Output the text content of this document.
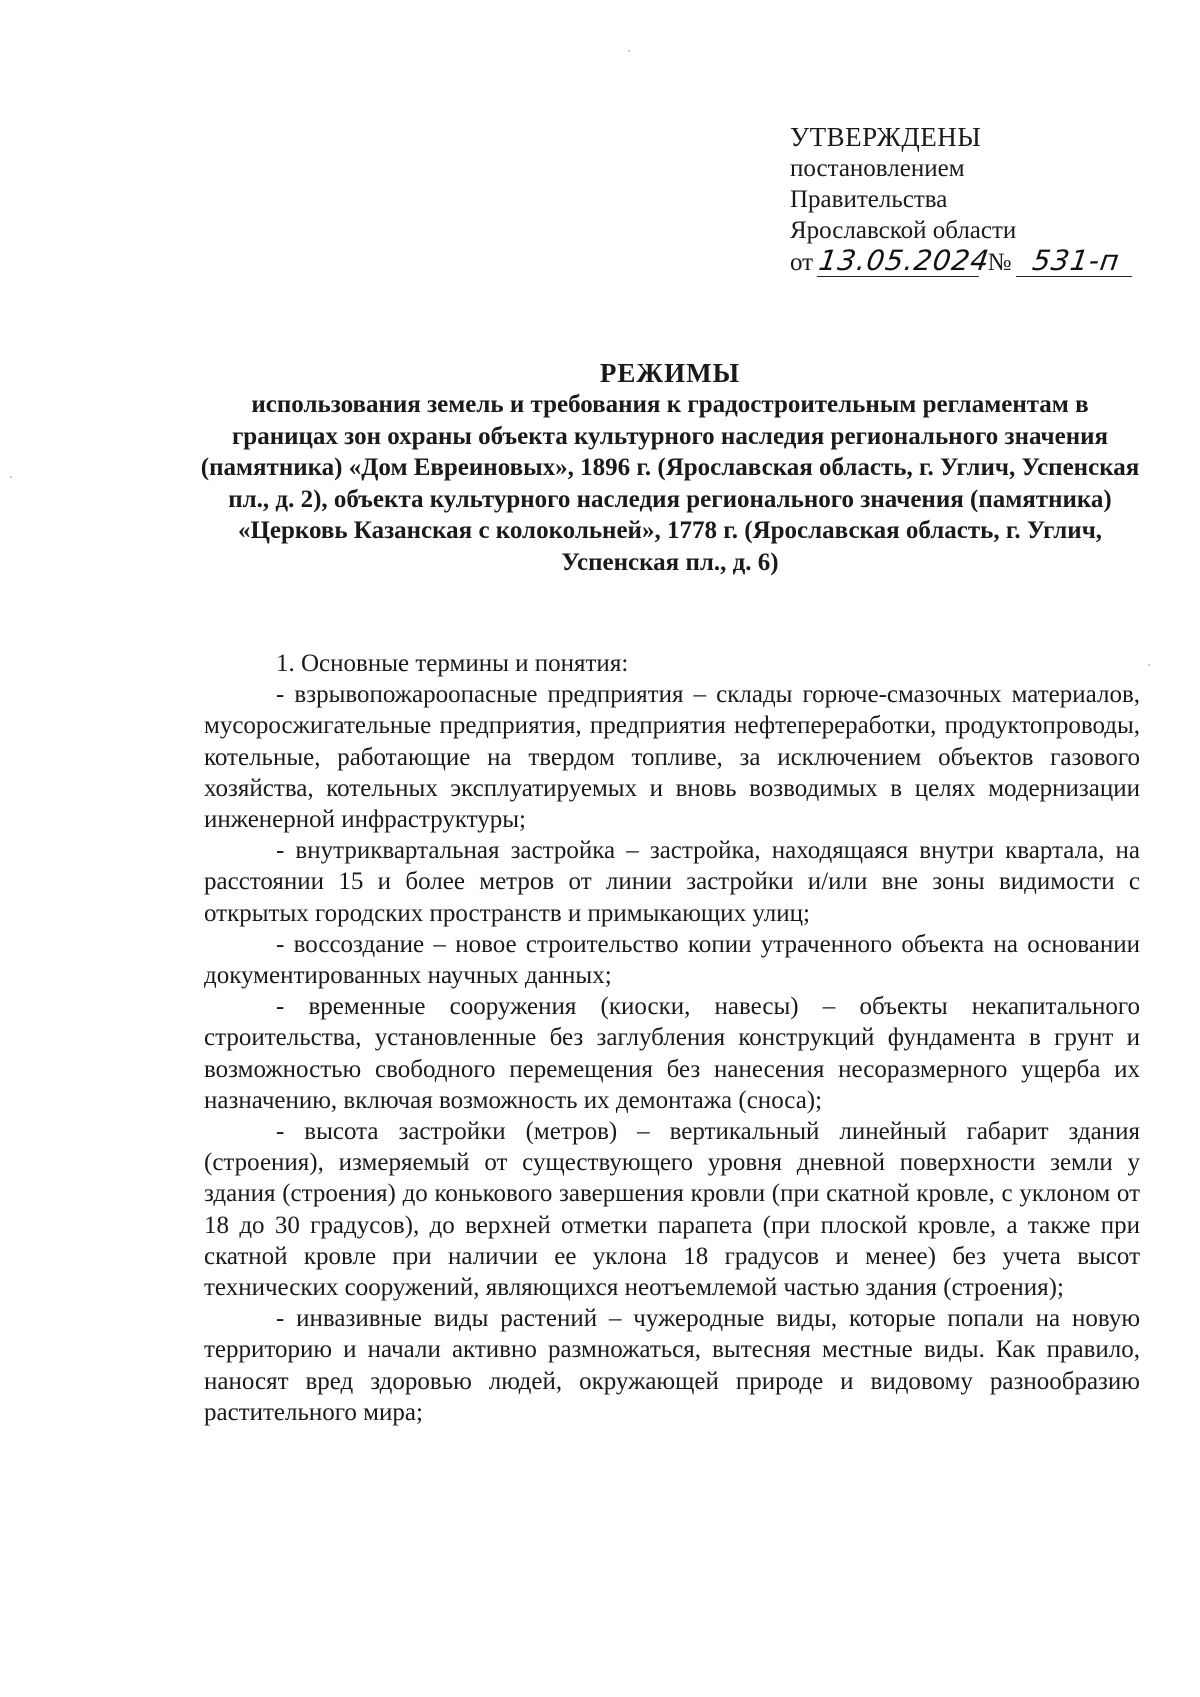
УТВЕРЖДЕНЫ
постановлением
Правительства
Ярославской области
от 13.05.2024 № 531-п
РЕЖИМЫ
использования земель и требования к градостроительным регламентам в границах зон охраны объекта культурного наследия регионального значения (памятника) «Дом Евреиновых», 1896 г. (Ярославская область, г. Углич, Успенская пл., д. 2), объекта культурного наследия регионального значения (памятника) «Церковь Казанская с колокольней», 1778 г. (Ярославская область, г. Углич, Успенская пл., д. 6)

1. Основные термины и понятия:

- взрывопожароопасные предприятия – склады горюче-смазочных материалов, мусоросжигательные предприятия, предприятия нефтепереработки, продуктопроводы, котельные, работающие на твердом топливе, за исключением объектов газового хозяйства, котельных эксплуатируемых и вновь возводимых в целях модернизации инженерной инфраструктуры;

- внутриквартальная застройка – застройка, находящаяся внутри квартала, на расстоянии 15 и более метров от линии застройки и/или вне зоны видимости с открытых городских пространств и примыкающих улиц;

- воссоздание – новое строительство копии утраченного объекта на основании документированных научных данных;

- временные сооружения (киоски, навесы) – объекты некапитального строительства, установленные без заглубления конструкций фундамента в грунт и возможностью свободного перемещения без нанесения несоразмерного ущерба их назначению, включая возможность их демонтажа (сноса);

- высота застройки (метров) – вертикальный линейный габарит здания (строения), измеряемый от существующего уровня дневной поверхности земли у здания (строения) до конькового завершения кровли (при скатной кровле, с уклоном от 18 до 30 градусов), до верхней отметки парапета (при плоской кровле, а также при скатной кровле при наличии ее уклона 18 градусов и менее) без учета высот технических сооружений, являющихся неотъемлемой частью здания (строения);

- инвазивные виды растений – чужеродные виды, которые попали на новую территорию и начали активно размножаться, вытесняя местные виды. Как правило, наносят вред здоровью людей, окружающей природе и видовому разнообразию растительного мира;
